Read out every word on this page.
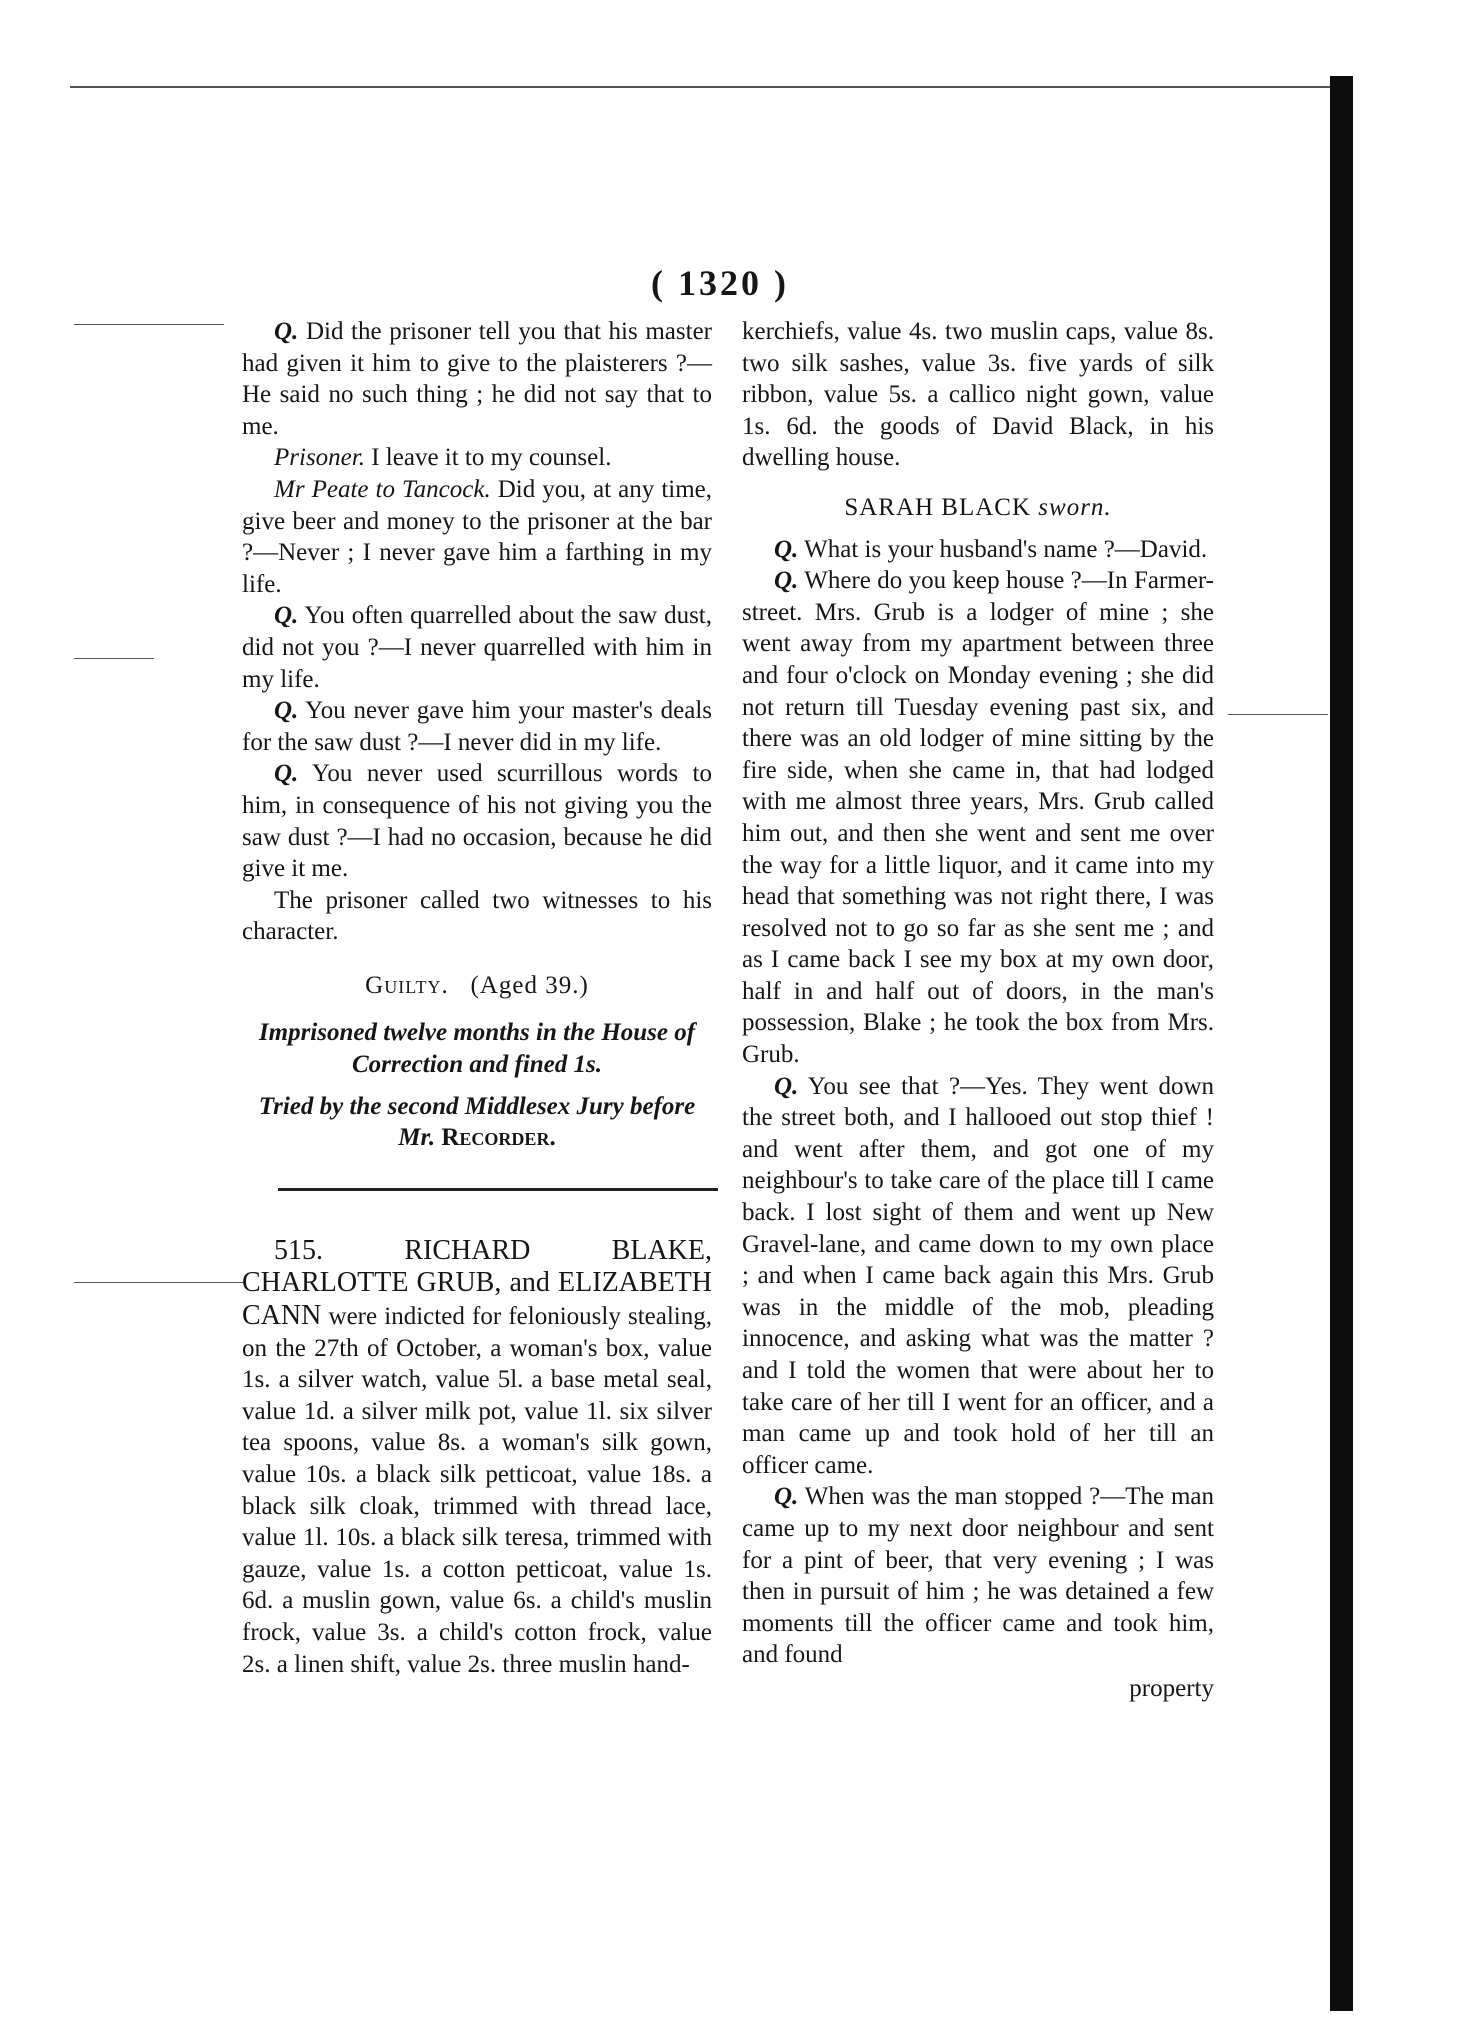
( 1320 )

Q. Did the prisoner tell you that his master had given it him to give to the plaisterers ?—He said no such thing ; he did not say that to me.

Prisoner. I leave it to my counsel.

Mr Peate to Tancock. Did you, at any time, give beer and money to the prisoner at the bar ?—Never ; I never gave him a farthing in my life.

Q. You often quarrelled about the saw dust, did not you ?—I never quarrelled with him in my life.

Q. You never gave him your master's deals for the saw dust ?—I never did in my life.

Q. You never used scurrillous words to him, in consequence of his not giving you the saw dust ?—I had no occasion, because he did give it me.

The prisoner called two witnesses to his character.

Guilty. (Aged 39.)

Imprisoned twelve months in the House of Correction and fined 1s.

Tried by the second Middlesex Jury before
Mr. Recorder.

515. RICHARD BLAKE, CHARLOTTE GRUB, and ELIZABETH CANN were indicted for feloniously stealing, on the 27th of October, a woman's box, value 1s. a silver watch, value 5l. a base metal seal, value 1d. a silver milk pot, value 1l. six silver tea spoons, value 8s. a woman's silk gown, value 10s. a black silk petticoat, value 18s. a black silk cloak, trimmed with thread lace, value 1l. 10s. a black silk teresa, trimmed with gauze, value 1s. a cotton petticoat, value 1s. 6d. a muslin gown, value 6s. a child's muslin frock, value 3s. a child's cotton frock, value 2s. a linen shift, value 2s. three muslin hand-

kerchiefs, value 4s. two muslin caps, value 8s. two silk sashes, value 3s. five yards of silk ribbon, value 5s. a callico night gown, value 1s. 6d. the goods of David Black, in his dwelling house.

SARAH BLACK sworn.

Q. What is your husband's name ?—David.

Q. Where do you keep house ?—In Farmer-street. Mrs. Grub is a lodger of mine ; she went away from my apartment between three and four o'clock on Monday evening ; she did not return till Tuesday evening past six, and there was an old lodger of mine sitting by the fire side, when she came in, that had lodged with me almost three years, Mrs. Grub called him out, and then she went and sent me over the way for a little liquor, and it came into my head that something was not right there, I was resolved not to go so far as she sent me ; and as I came back I see my box at my own door, half in and half out of doors, in the man's possession, Blake ; he took the box from Mrs. Grub.

Q. You see that ?—Yes. They went down the street both, and I hallooed out stop thief ! and went after them, and got one of my neighbour's to take care of the place till I came back. I lost sight of them and went up New Gravel-lane, and came down to my own place ; and when I came back again this Mrs. Grub was in the middle of the mob, pleading innocence, and asking what was the matter ? and I told the women that were about her to take care of her till I went for an officer, and a man came up and took hold of her till an officer came.

Q. When was the man stopped ?—The man came up to my next door neighbour and sent for a pint of beer, that very evening ; I was then in pursuit of him ; he was detained a few moments till the officer came and took him, and found

property
